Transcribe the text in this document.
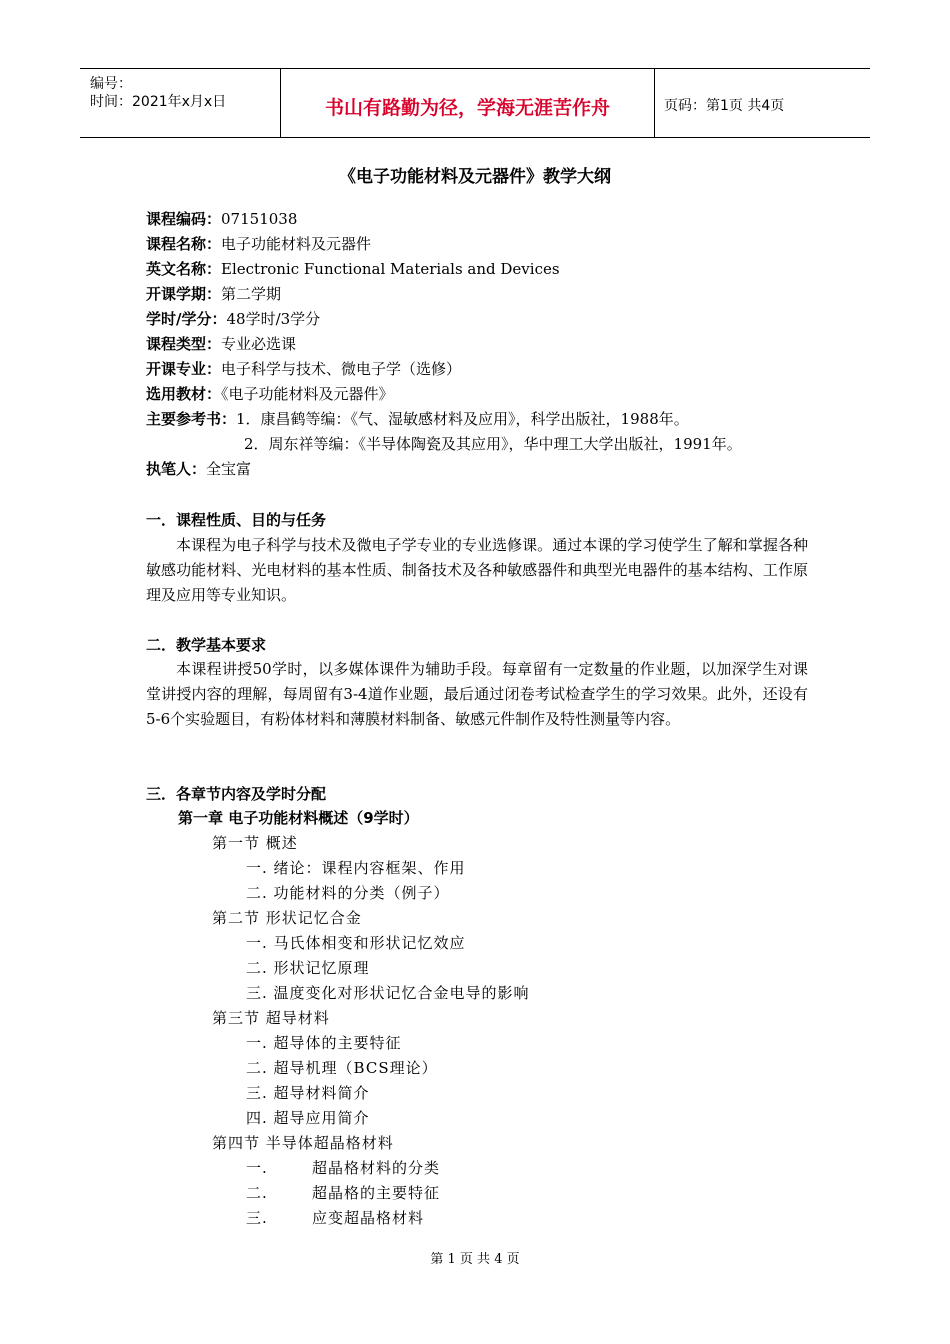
编号：
时间：2021年x月x日	书山有路勤为径，学海无涯苦作舟	页码：第1页 共4页
《电子功能材料及元器件》教学大纲
课程编码：07151038
课程名称：电子功能材料及元器件
英文名称：Electronic Functional Materials and Devices
开课学期：第二学期
学时/学分：48学时/3学分
课程类型：专业必选课
开课专业：电子科学与技术、微电子学（选修）
选用教材：《电子功能材料及元器件》
主要参考书：1．康昌鹤等编：《气、湿敏感材料及应用》，科学出版社，1988年。
2．周东祥等编：《半导体陶瓷及其应用》，华中理工大学出版社，1991年。
执笔人：全宝富
一．课程性质、目的与任务
本课程为电子科学与技术及微电子学专业的专业选修课。通过本课的学习使学生了解和掌握各种敏感功能材料、光电材料的基本性质、制备技术及各种敏感器件和典型光电器件的基本结构、工作原理及应用等专业知识。
二．教学基本要求
本课程讲授50学时，以多媒体课件为辅助手段。每章留有一定数量的作业题，以加深学生对课堂讲授内容的理解，每周留有3-4道作业题，最后通过闭卷考试检查学生的学习效果。此外，还设有5-6个实验题目，有粉体材料和薄膜材料制备、敏感元件制作及特性测量等内容。
三．各章节内容及学时分配
第一章 电子功能材料概述（9学时）
第一节 概述
一. 绪论：课程内容框架、作用
二. 功能材料的分类（例子）
第二节 形状记忆合金
一. 马氏体相变和形状记忆效应
二. 形状记忆原理
三. 温度变化对形状记忆合金电导的影响
第三节 超导材料
一. 超导体的主要特征
二. 超导机理（BCS理论）
三. 超导材料简介
四. 超导应用简介
第四节 半导体超晶格材料
一.	超晶格材料的分类
二.	超晶格的主要特征
三.	应变超晶格材料
第 1 页 共 4 页
